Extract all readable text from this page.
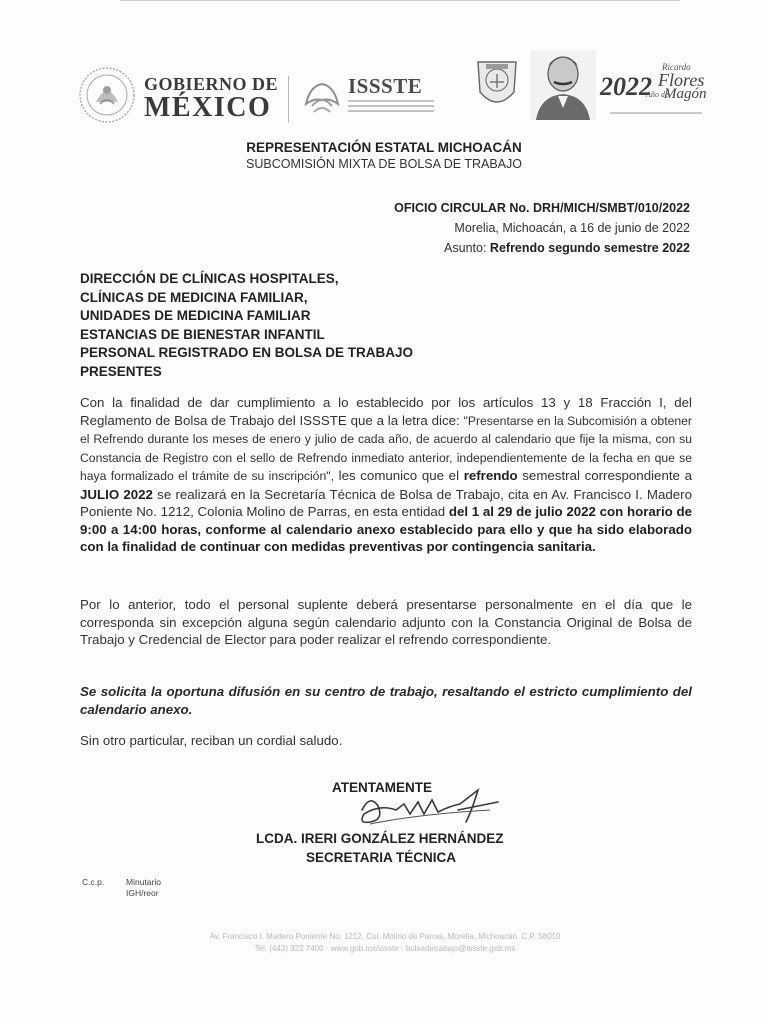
GOBIERNO DE
MÉXICO
ISSSTE	2022
Ricardo
Flores
Año de
Magón
REPRESENTACIÓN ESTATAL MICHOACÁN
SUBCOMISIÓN MIXTA DE BOLSA DE TRABAJO
OFICIO CIRCULAR No. DRH/MICH/SMBT/010/2022
Morelia, Michoacán, a 16 de junio de 2022
Asunto: Refrendo segundo semestre 2022
DIRECCIÓN DE CLÍNICAS HOSPITALES,
CLÍNICAS DE MEDICINA FAMILIAR,
UNIDADES DE MEDICINA FAMILIAR
ESTANCIAS DE BIENESTAR INFANTIL
PERSONAL REGISTRADO EN BOLSA DE TRABAJO
PRESENTES
Con la finalidad de dar cumplimiento a lo establecido por los artículos 13 y 18 Fracción I, del Reglamento de Bolsa de Trabajo del ISSSTE que a la letra dice: "Presentarse en la Subcomisión a obtener el Refrendo durante los meses de enero y julio de cada año, de acuerdo al calendario que fije la misma, con su Constancia de Registro con el sello de Refrendo inmediato anterior, independientemente de la fecha en que se haya formalizado el trámite de su inscripción", les comunico que el refrendo semestral correspondiente a JULIO 2022 se realizará en la Secretaría Técnica de Bolsa de Trabajo, cita en Av. Francisco I. Madero Poniente No. 1212, Colonia Molino de Parras, en esta entidad del 1 al 29 de julio 2022 con horario de 9:00 a 14:00 horas, conforme al calendario anexo establecido para ello y que ha sido elaborado con la finalidad de continuar con medidas preventivas por contingencia sanitaria.
Por lo anterior, todo el personal suplente deberá presentarse personalmente en el día que le corresponda sin excepción alguna según calendario adjunto con la Constancia Original de Bolsa de Trabajo y Credencial de Elector para poder realizar el refrendo correspondiente.
Se solicita la oportuna difusión en su centro de trabajo, resaltando el estricto cumplimiento del calendario anexo.
Sin otro particular, reciban un cordial saludo.
ATENTAMENTE
LCDA. IRERI GONZÁLEZ HERNÁNDEZ
SECRETARIA TÉCNICA
C.c.p.	Minutario
IGH/reor
Av. Francisco I. Madero Poniente No. 1212, Col. Molino de Parras, Morelia, Michoacán. C.P. 58010
Tel. (443) 322 7400 · www.gob.mx/issste · bolsadetrabajo@issste.gob.mx
